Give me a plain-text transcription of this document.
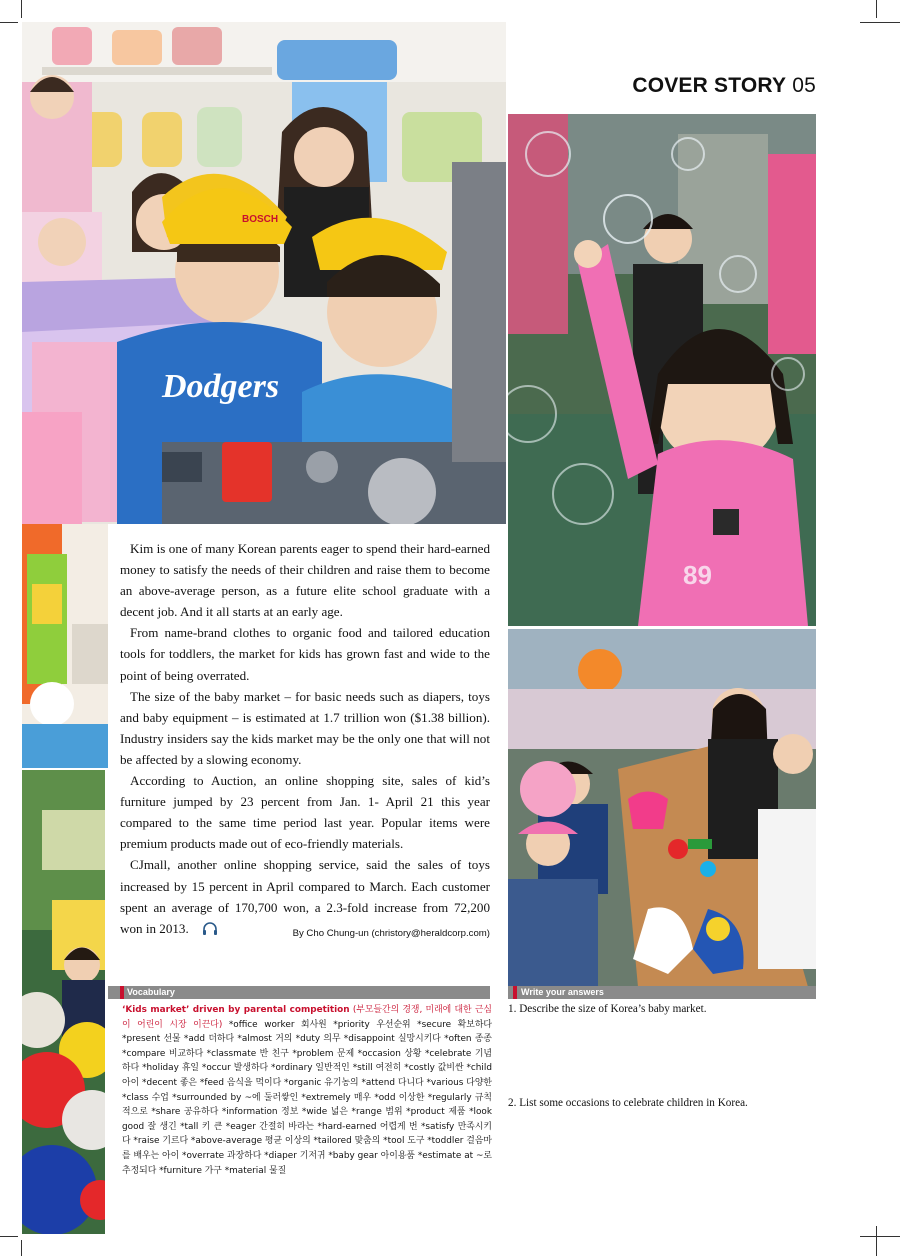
COVER STORY 05
BOSCH
Dodgers
89

Kim is one of many Korean parents eager to spend their hard-earned money to satisfy the needs of their children and raise them to become an above-average person, as a future elite school graduate with a decent job. And it all starts at an early age.

From name-brand clothes to organic food and tailored education tools for toddlers, the market for kids has grown fast and wide to the point of being overrated.

The size of the baby market – for basic needs such as diapers, toys and baby equipment – is estimated at 1.7 trillion won ($1.38 billion). Industry insiders say the kids market may be the only one that will not be affected by a slowing economy.

According to Auction, an online shopping site, sales of kid’s furniture jumped by 23 percent from Jan. 1- April 21 this year compared to the same time period last year. Popular items were premium products made out of eco-friendly materials.

CJmall, another online shopping service, said the sales of toys increased by 15 percent in April compared to March. Each customer spent an average of 170,700 won, a 2.3-fold increase from 72,200 won in 2013.	By Cho Chung-un (christory@heraldcorp.com)

Vocabulary
‘Kids market’ driven by parental competition (부모들간의 경쟁, 미래에 대한 근심이 어린이 시장 이끈다) *office worker 회사원 *priority 우선순위 *secure 확보하다 *present 선물 *add 더하다 *almost 거의 *duty 의무 *disappoint 실망시키다 *often 종종 *compare 비교하다 *classmate 반 친구 *problem 문제 *occasion 상황 *celebrate 기념하다 *holiday 휴일 *occur 발생하다 *ordinary 일반적인 *still 여전히 *costly 값비싼 *child 아이 *decent 좋은 *feed 음식을 먹이다 *organic 유기농의 *attend 다니다 *various 다양한 *class 수업 *surrounded by ~에 둘러쌓인 *extremely 매우 *odd 이상한 *regularly 규칙적으로 *share 공유하다 *information 정보 *wide 넓은 *range 범위 *product 제품 *look good 잘 생긴 *tall 키 큰 *eager 간절히 바라는 *hard-earned 어렵게 번 *satisfy 만족시키다 *raise 기르다 *above-average 평균 이상의 *tailored 맞춤의 *tool 도구 *toddler 걸음마를 배우는 아이 *overrate 과장하다 *diaper 기저귀 *baby gear 아이용품 *estimate at ~로 추정되다 *furniture 가구 *material 물질
Write your answers
1. Describe the size of Korea’s baby market.
2. List some occasions to celebrate children in Korea.
